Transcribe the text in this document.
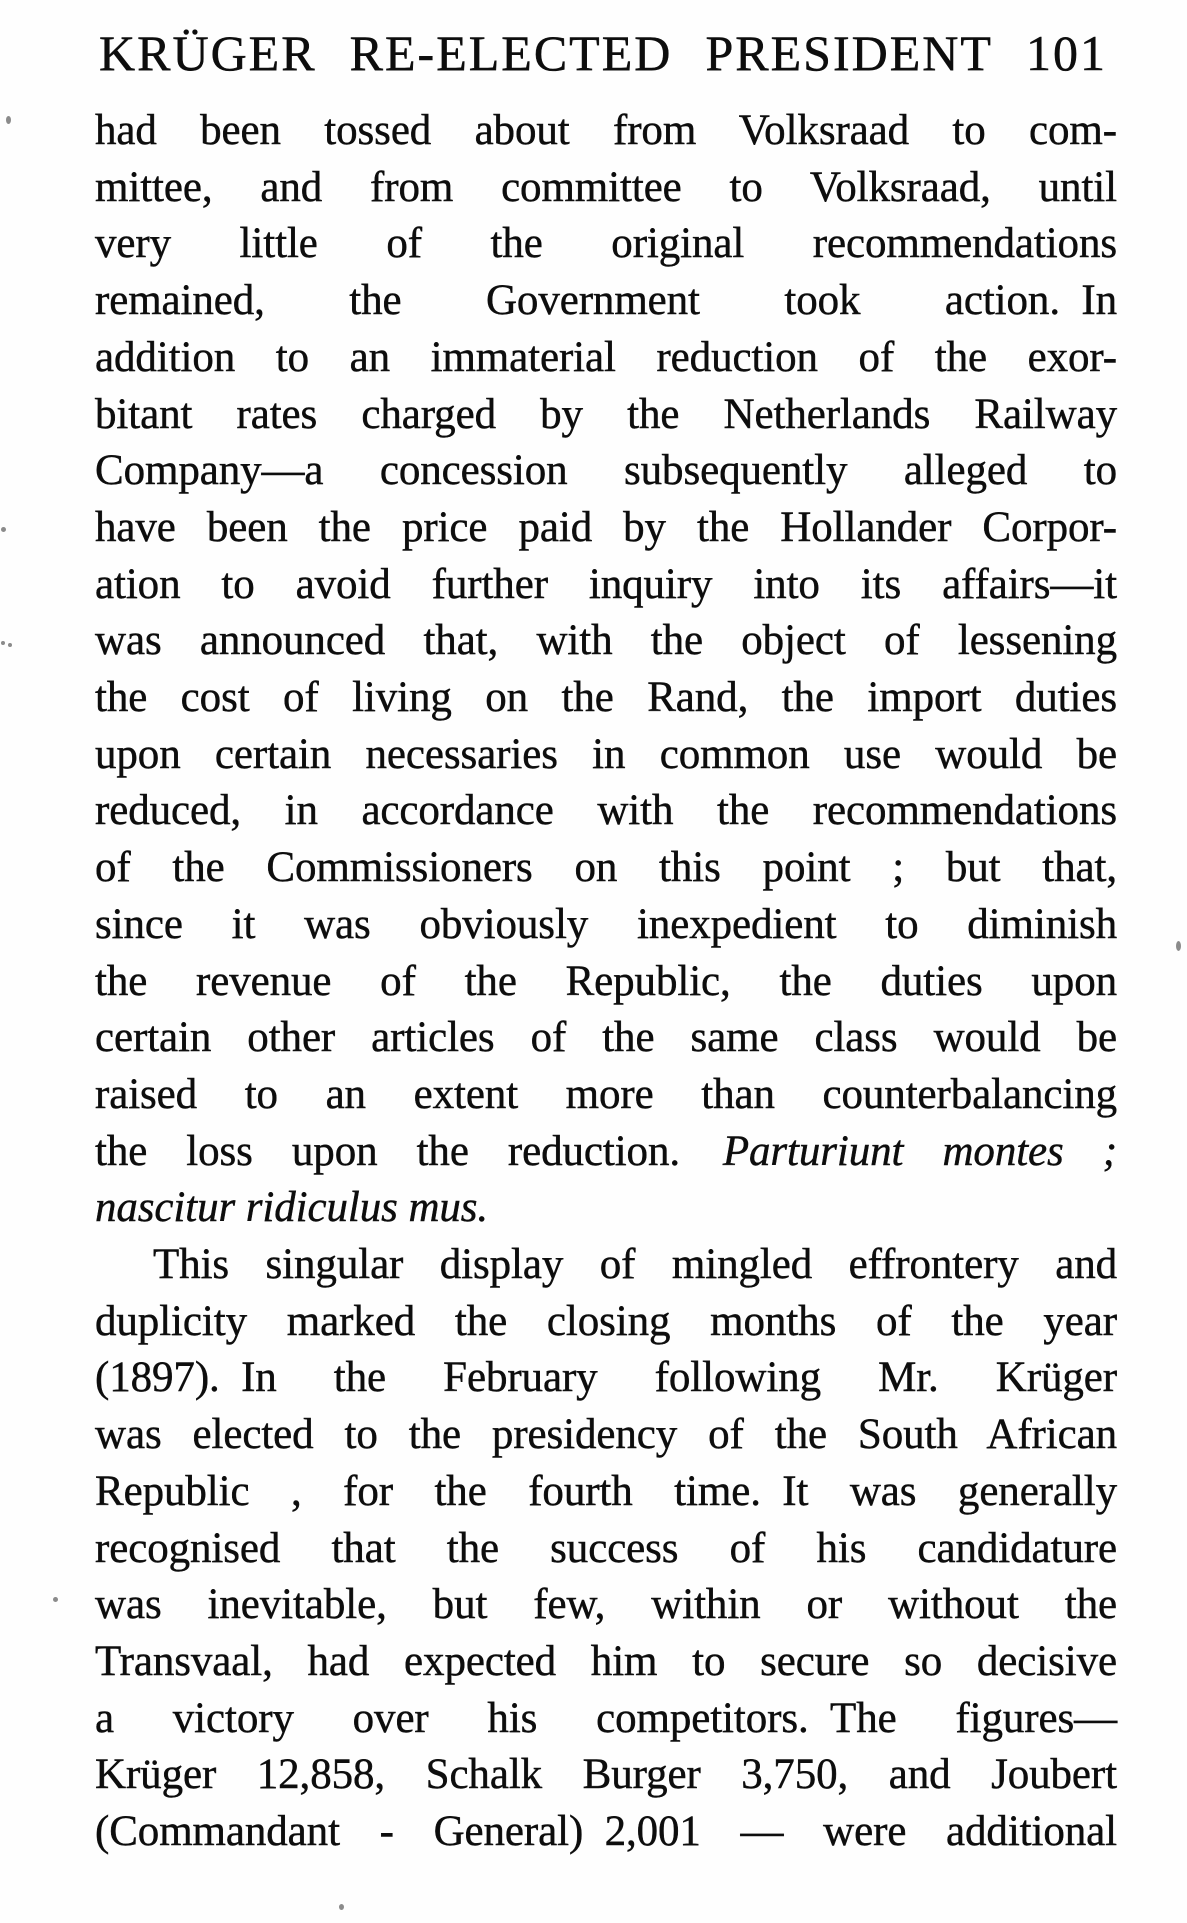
KRÜGER RE-ELECTED PRESIDENT 101
had been tossed about from Volksraad to com-
mittee, and from committee to Volksraad, until
very little of the original recommendations
remained, the Government took action. In
addition to an immaterial reduction of the exor-
bitant rates charged by the Netherlands Railway
Company—a concession subsequently alleged to
have been the price paid by the Hollander Corpor-
ation to avoid further inquiry into its affairs—it
was announced that, with the object of lessening
the cost of living on the Rand, the import duties
upon certain necessaries in common use would be
reduced, in accordance with the recommendations
of the Commissioners on this point ; but that,
since it was obviously inexpedient to diminish
the revenue of the Republic, the duties upon
certain other articles of the same class would be
raised to an extent more than counterbalancing
the loss upon the reduction.  Parturiunt montes ;
nascitur ridiculus mus.
This singular display of mingled effrontery and
duplicity marked the closing months of the year
(1897). In the February following Mr. Krüger
was elected to the presidency of the South African
Republic , for the fourth time. It was generally
recognised that the success of his candidature
was inevitable, but few, within or without the
Transvaal, had expected him to secure so decisive
a victory over his competitors. The figures—
Krüger 12,858, Schalk Burger 3,750, and Joubert
(Commandant - General) 2,001 — were additional
